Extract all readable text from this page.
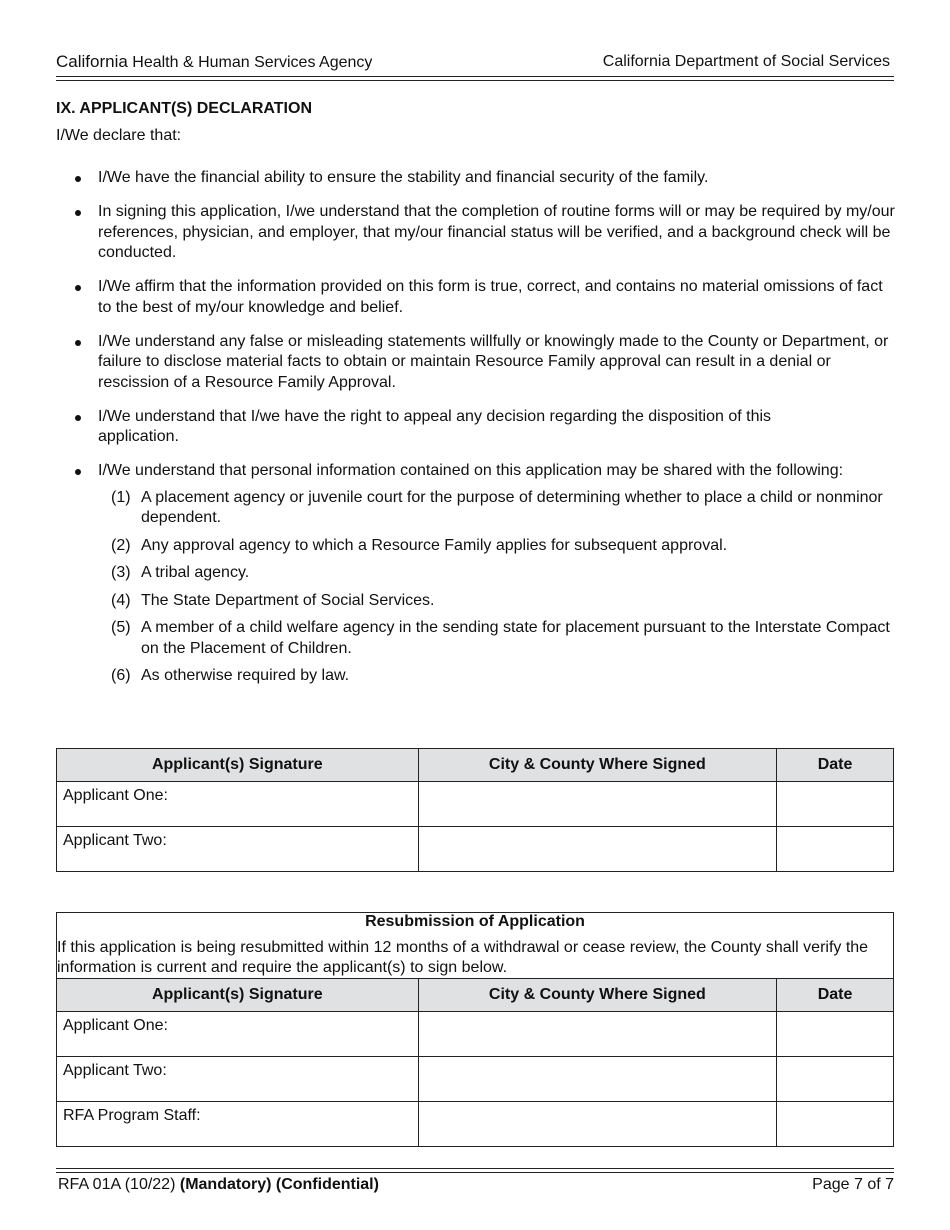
California Health & Human Services Agency	California Department of Social Services
IX. APPLICANT(S) DECLARATION
I/We declare that:
I/We have the financial ability to ensure the stability and financial security of the family.
In signing this application, I/we understand that the completion of routine forms will or may be required by my/our references, physician, and employer, that my/our financial status will be verified, and a background check will be conducted.
I/We affirm that the information provided on this form is true, correct, and contains no material omissions of fact to the best of my/our knowledge and belief.
I/We understand any false or misleading statements willfully or knowingly made to the County or Department, or failure to disclose material facts to obtain or maintain Resource Family approval can result in a denial or rescission of a Resource Family Approval.
I/We understand that I/we have the right to appeal any decision regarding the disposition of this application.
I/We understand that personal information contained on this application may be shared with the following:
(1) A placement agency or juvenile court for the purpose of determining whether to place a child or nonminor dependent.
(2) Any approval agency to which a Resource Family applies for subsequent approval.
(3) A tribal agency.
(4) The State Department of Social Services.
(5) A member of a child welfare agency in the sending state for placement pursuant to the Interstate Compact on the Placement of Children.
(6) As otherwise required by law.
Applicant(s) Signature	City & County Where Signed	Date
Applicant One:		
Applicant Two:		
Resubmission of Application
If this application is being resubmitted within 12 months of a withdrawal or cease review, the County shall verify the information is current and require the applicant(s) to sign below.		

Applicant(s) Signature	City & County Where Signed	Date
Applicant One:		
Applicant Two:		
RFA Program Staff:		
RFA 01A (10/22) (Mandatory) (Confidential)	Page 7 of 7
